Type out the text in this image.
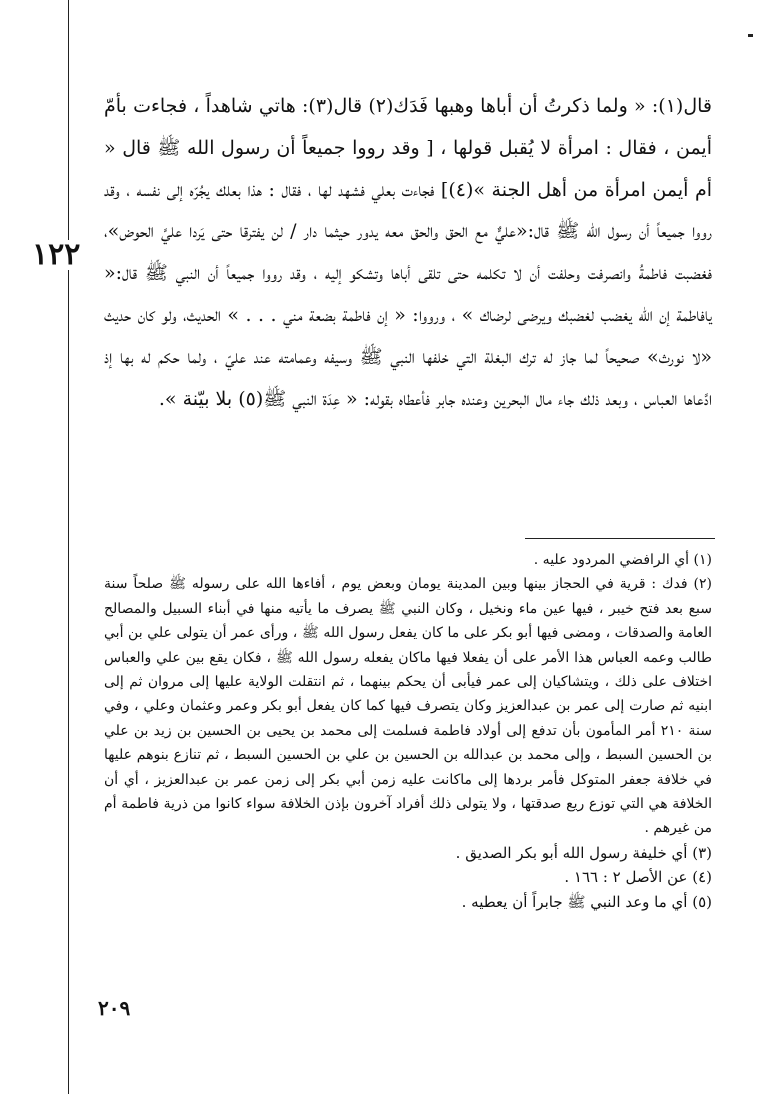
١٢٢

قال(١): « ولما ذكرتُ أن أباها وهبها فَدَك(٢) قال(٣): هاتي شاهداً ، فجاءت بأمّ أيمن ، فقال : امرأة لا يُقبل قولها ، [ وقد رووا جميعاً أن رسول الله ﷺ قال « أم أيمن امرأة من أهل الجنة »(٤)] فجاءت بعلي فشهد لها ، فقال : هذا بعلك يجُرّه إلى نفسه ، وقد رووا جميعاً أن رسول الله ﷺ قال:«عليٌّ مع الحق والحق معه يدور حيثما دار / لن يفترقا حتى يَردا عليَّ الحوض»، فغضبت فاطمةُ وانصرفت وحلفت أن لا تكلمه حتى تلقى أباها وتشكو إليه ، وقد رووا جميعاً أن النبي ﷺ قال:« يافاطمة إن الله يغضب لغضبك ويرضى لرضاك » ، ورووا: « إن فاطمة بضعة مني . . . » الحديث، ولو كان حديث «لا نورث» صحيحاً لما جاز له ترك البغلة التي خلفها النبي ﷺ وسيفه وعمامته عند عليّ ، ولما حكم له بها إذ ادَّعاها العباس ، وبعد ذلك جاء مال البحرين وعنده جابر فأعطاه بقوله: « عِدَة النبي ﷺ(٥) بلا بيّنة ».

(١) أي الرافضي المردود عليه .

(٢) فدك : قرية في الحجاز بينها وبين المدينة يومان وبعض يوم ، أفاءها الله على رسوله ﷺ صلحاً سنة سبع بعد فتح خيبر ، فيها عين ماء ونخيل ، وكان النبي ﷺ يصرف ما يأتيه منها في أبناء السبيل والمصالح العامة والصدقات ، ومضى فيها أبو بكر على ما كان يفعل رسول الله ﷺ ، ورأى عمر أن يتولى علي بن أبي طالب وعمه العباس هذا الأمر على أن يفعلا فيها ماكان يفعله رسول الله ﷺ ، فكان يقع بين علي والعباس اختلاف على ذلك ، ويتشاكيان إلى عمر فيأبى أن يحكم بينهما ، ثم انتقلت الولاية عليها إلى مروان ثم إلى ابنيه ثم صارت إلى عمر بن عبدالعزيز وكان يتصرف فيها كما كان يفعل أبو بكر وعمر وعثمان وعلي ، وفي سنة ٢١٠ أمر المأمون بأن تدفع إلى أولاد فاطمة فسلمت إلى محمد بن يحيى بن الحسين بن زيد بن علي بن الحسين السبط ، وإلى محمد بن عبدالله بن الحسين بن علي بن الحسين السبط ، ثم تنازع بنوهم عليها في خلافة جعفر المتوكل فأمر بردها إلى ماكانت عليه زمن أبي بكر إلى زمن عمر بن عبدالعزيز ، أي أن الخلافة هي التي توزع ريع صدقتها ، ولا يتولى ذلك أفراد آخرون بإذن الخلافة سواء كانوا من ذرية فاطمة أم من غيرهم .

(٣) أي خليفة رسول الله أبو بكر الصديق .

(٤) عن الأصل ٢ : ١٦٦ .

(٥) أي ما وعد النبي ﷺ جابراً أن يعطيه .

٢٠٩
